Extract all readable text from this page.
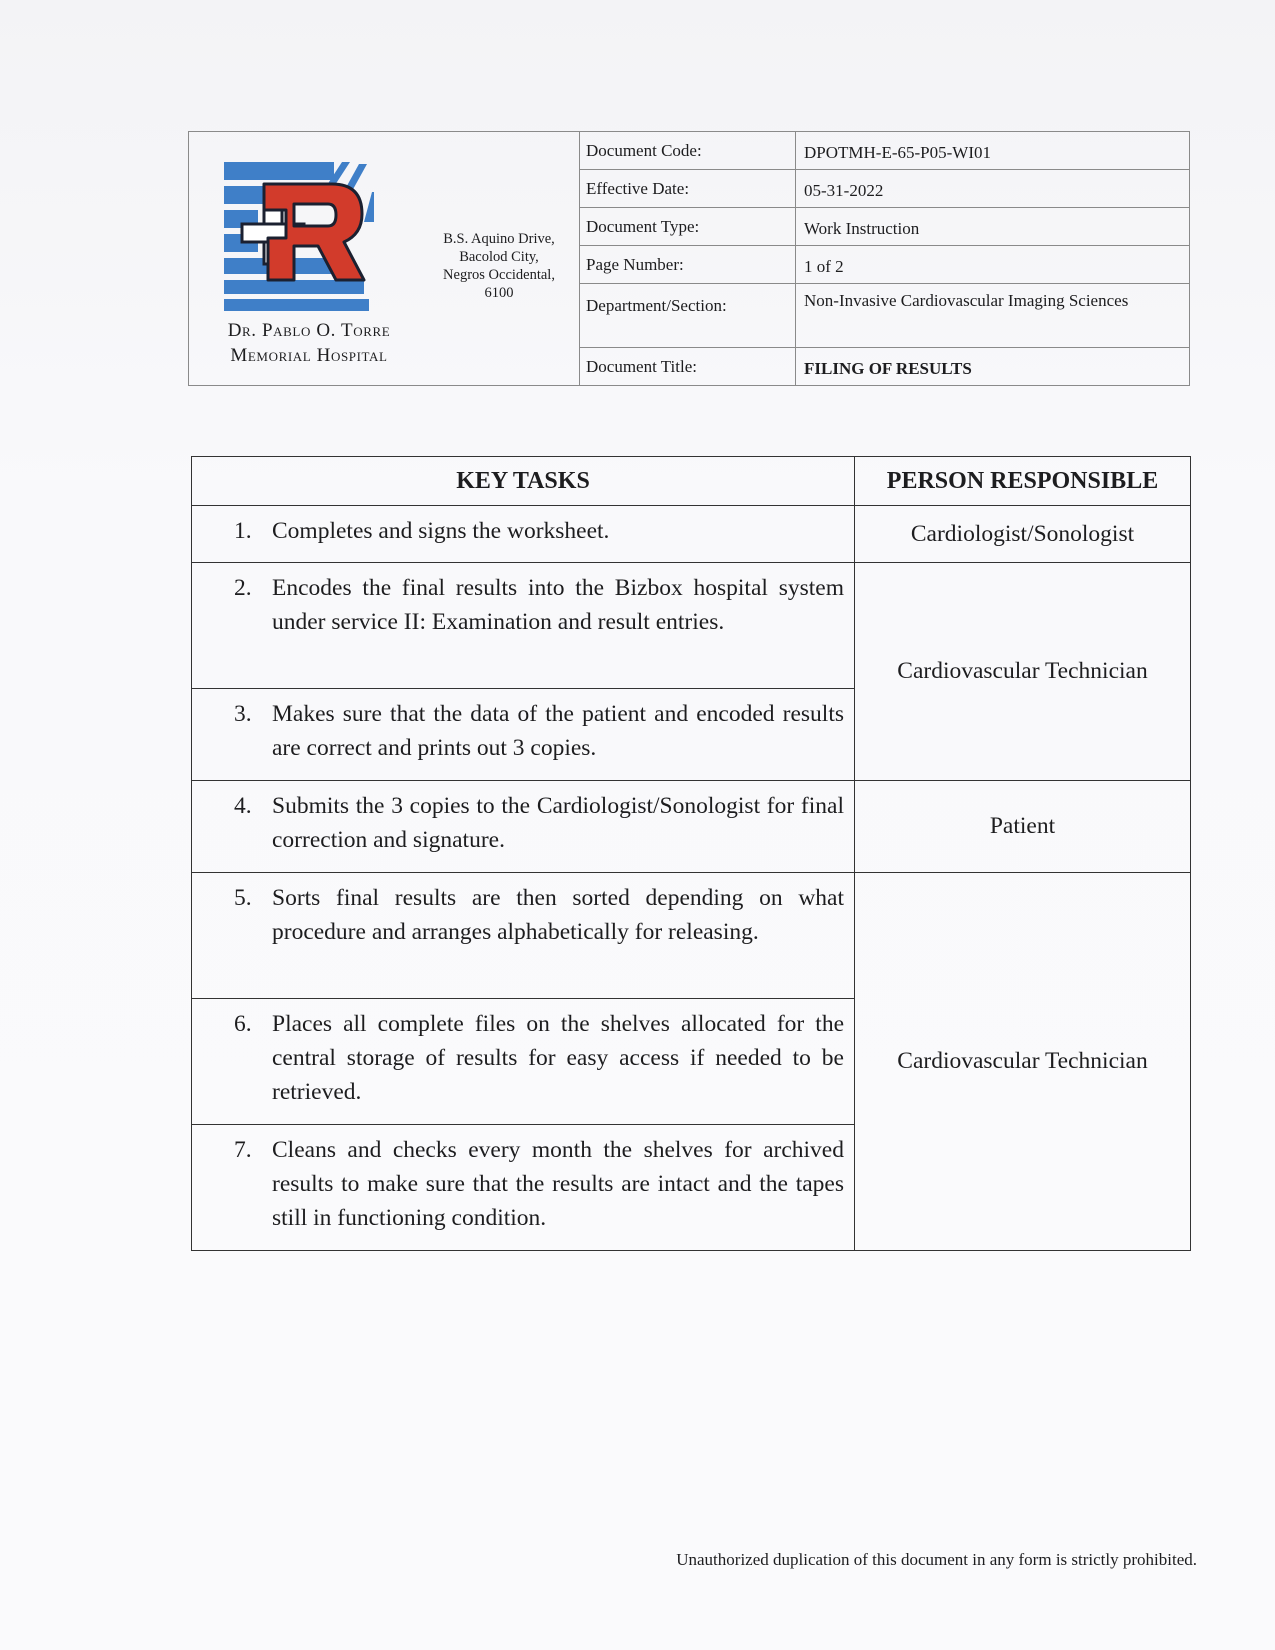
Dr. Pablo O. Torre
Memorial Hospital
B.S. Aquino Drive,
Bacolod City,
Negros Occidental,
6100
Document Code:	DPOTMH-E-65-P05-WI01
Effective Date:	05-31-2022
Document Type:	Work Instruction
Page Number:	1 of 2
Department/Section:	Non-Invasive Cardiovascular Imaging Sciences
Document Title:	FILING OF RESULTS
KEY TASKS	PERSON RESPONSIBLE

1. Completes and signs the worksheet.	Cardiologist/Sonologist

2. Encodes the final results into the Bizbox hospital system under service II: Examination and result entries.	Cardiovascular Technician

3. Makes sure that the data of the patient and encoded results are correct and prints out 3 copies.	

4. Submits the 3 copies to the Cardiologist/Sonologist for final correction and signature.	Patient

5. Sorts final results are then sorted depending on what procedure and arranges alphabetically for releasing.	Cardiovascular Technician

6. Places all complete files on the shelves allocated for the central storage of results for easy access if needed to be retrieved.	

7. Cleans and checks every month the shelves for archived results to make sure that the results are intact and the tapes still in functioning condition.	
Unauthorized duplication of this document in any form is strictly prohibited.
